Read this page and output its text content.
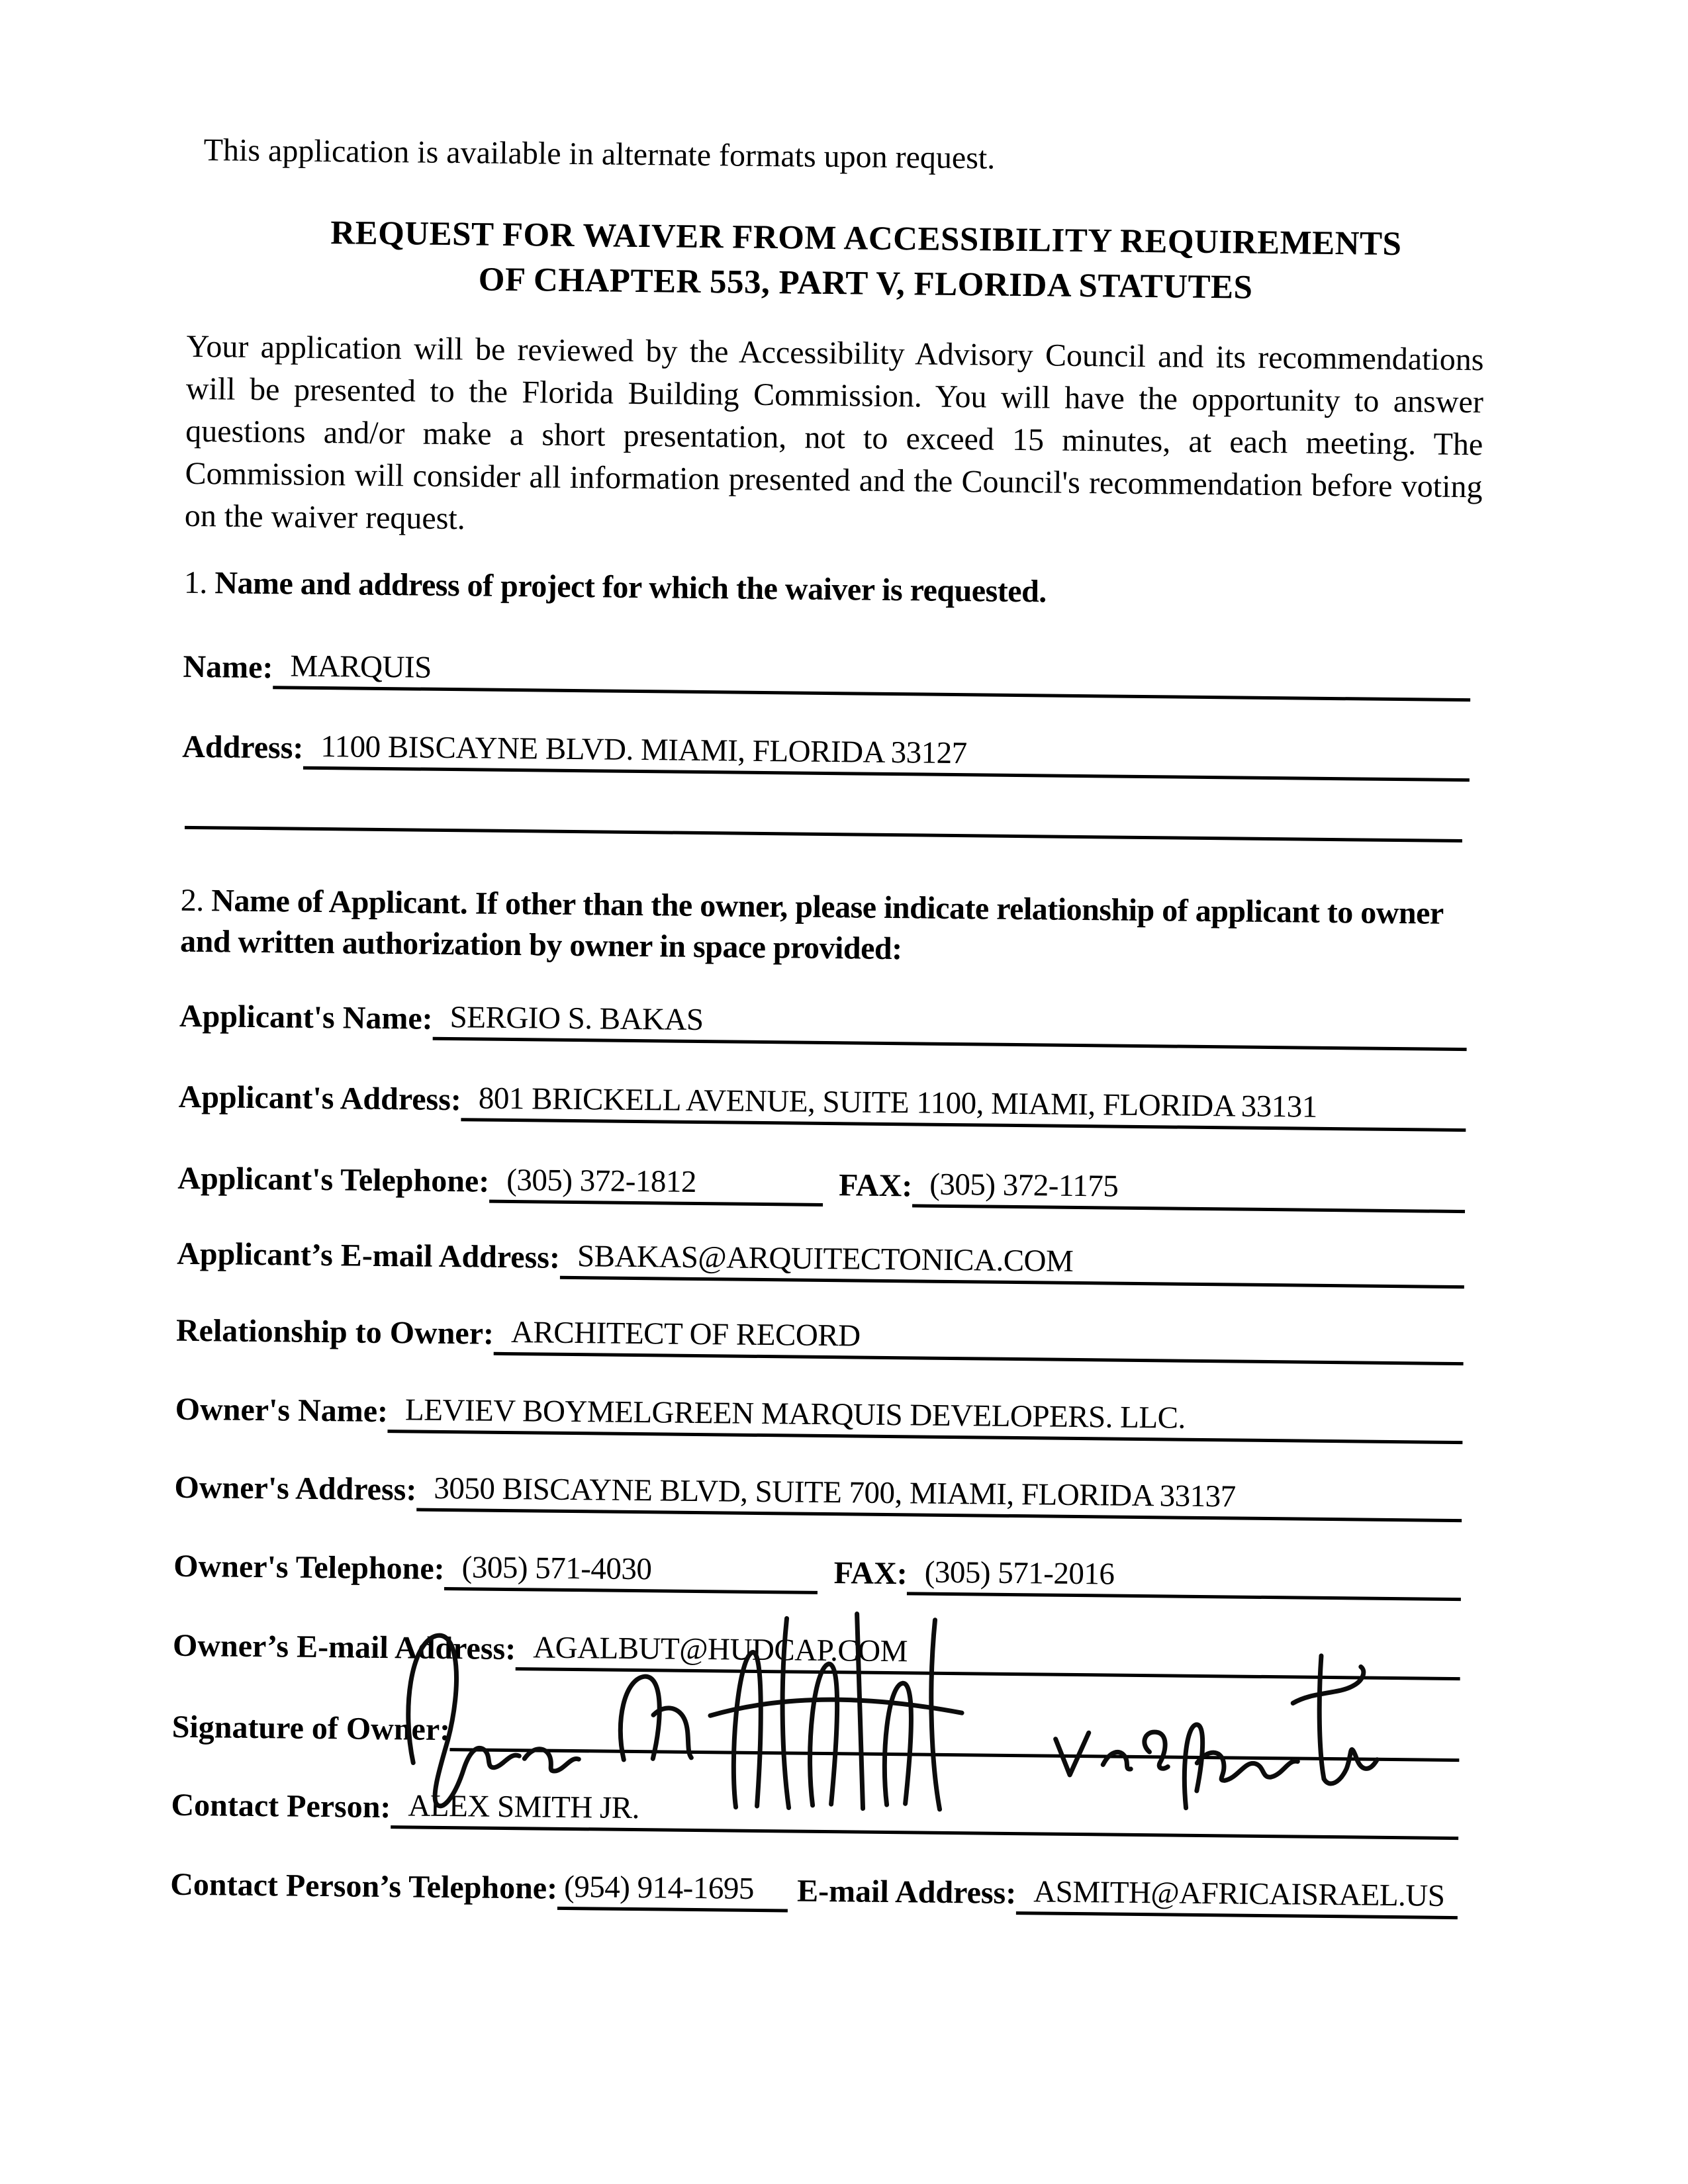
This application is available in alternate formats upon request.
REQUEST FOR WAIVER FROM ACCESSIBILITY REQUIREMENTS
OF CHAPTER 553, PART V, FLORIDA STATUTES

Your application will be reviewed by the Accessibility Advisory Council and its recommendations will be presented to the Florida Building Commission. You will have the opportunity to answer questions and/or make a short presentation, not to exceed 15 minutes, at each meeting. The Commission will consider all information presented and the Council's recommendation before voting on the waiver request.

1. Name and address of project for which the waiver is requested.
Name: MARQUIS
Address: 1100 BISCAYNE BLVD. MIAMI, FLORIDA 33127
2. Name of Applicant. If other than the owner, please indicate relationship of applicant to owner and written authorization by owner in space provided:
Applicant's Name: SERGIO S. BAKAS
Applicant's Address: 801 BRICKELL AVENUE, SUITE 1100, MIAMI, FLORIDA 33131
Applicant's Telephone: (305) 372-1812	FAX: (305) 372-1175
Applicant’s E-mail Address: SBAKAS@ARQUITECTONICA.COM
Relationship to Owner: ARCHITECT OF RECORD
Owner's Name: LEVIEV BOYMELGREEN MARQUIS DEVELOPERS. LLC.
Owner's Address: 3050 BISCAYNE BLVD, SUITE 700, MIAMI, FLORIDA 33137
Owner's Telephone: (305) 571-4030	FAX: (305) 571-2016
Owner’s E-mail Address: AGALBUT@HUDCAP.COM
Signature of Owner:
Contact Person: ALEX SMITH JR.
Contact Person’s Telephone: (954) 914-1695	E-mail Address: ASMITH@AFRICAISRAEL.US
